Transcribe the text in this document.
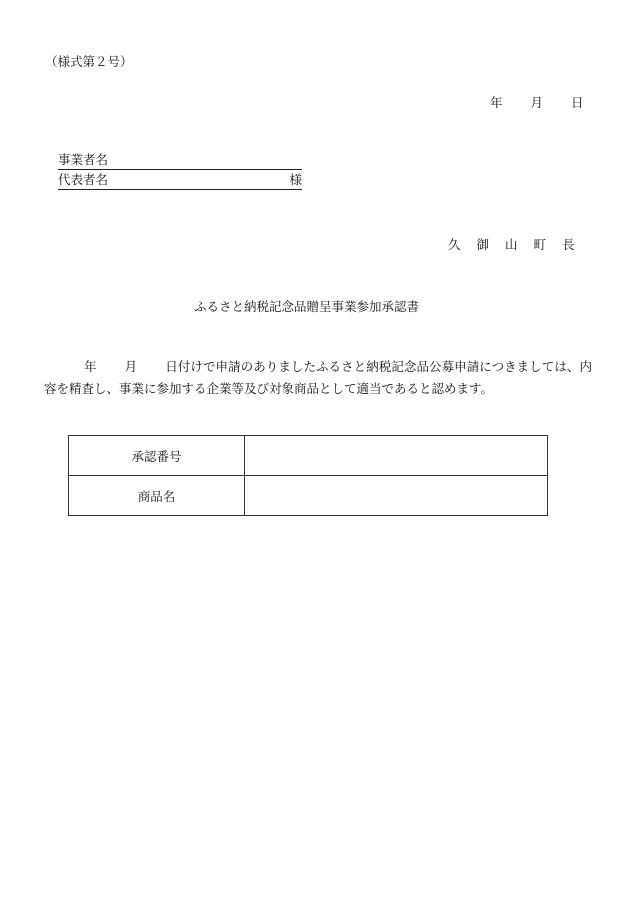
（様式第２号）
年 月 日
事業者名
代表者名	様
久 御 山 町 長
ふるさと納税記念品贈呈事業参加承認書
年 月 日付けで申請のありましたふるさと納税記念品公募申請につきましては、内容を精査し、事業に参加する企業等及び対象商品として適当であると認めます。
承認番号	
商品名	
